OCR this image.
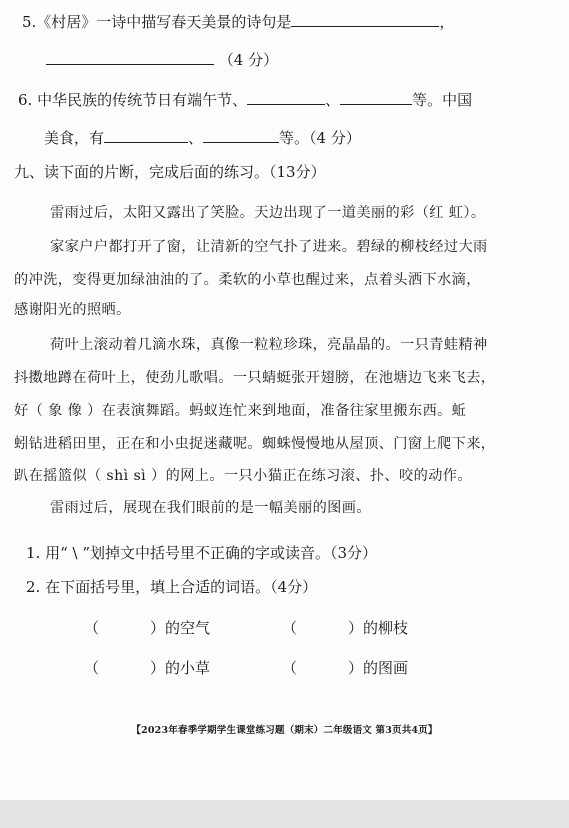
5.《村居》一诗中描写春天美景的诗句是	，
（4 分）
6. 中华民族的传统节日有端午节、	、	等。中国
美食，有	、	等。（4 分）
九、读下面的片断，完成后面的练习。（13分）
雷雨过后，太阳又露出了笑脸。天边出现了一道美丽的彩（红 虹）。
家家户户都打开了窗，让清新的空气扑了进来。碧绿的柳枝经过大雨
的冲洗，变得更加绿油油的了。柔软的小草也醒过来，点着头洒下水滴，
感谢阳光的照晒。
荷叶上滚动着几滴水珠，真像一粒粒珍珠，亮晶晶的。一只青蛙精神
抖擞地蹲在荷叶上，使劲儿歌唱。一只蜻蜓张开翅膀，在池塘边飞来飞去，
好（ 象 像 ）在表演舞蹈。蚂蚁连忙来到地面，准备往家里搬东西。蚯
蚓钻进稻田里，正在和小虫捉迷藏呢。蜘蛛慢慢地从屋顶、门窗上爬下来，
趴在摇篮似（ shì sì ）的网上。一只小猫正在练习滚、扑、咬的动作。
雷雨过后，展现在我们眼前的是一幅美丽的图画。
1. 用“ \ ”划掉文中括号里不正确的字或读音。（3分）
2. 在下面括号里，填上合适的词语。（4分）
（	）的空气	（	）的柳枝
（	）的小草	（	）的图画
【2023年春季学期学生课堂练习题（期末）二年级语文 第3页共4页】
